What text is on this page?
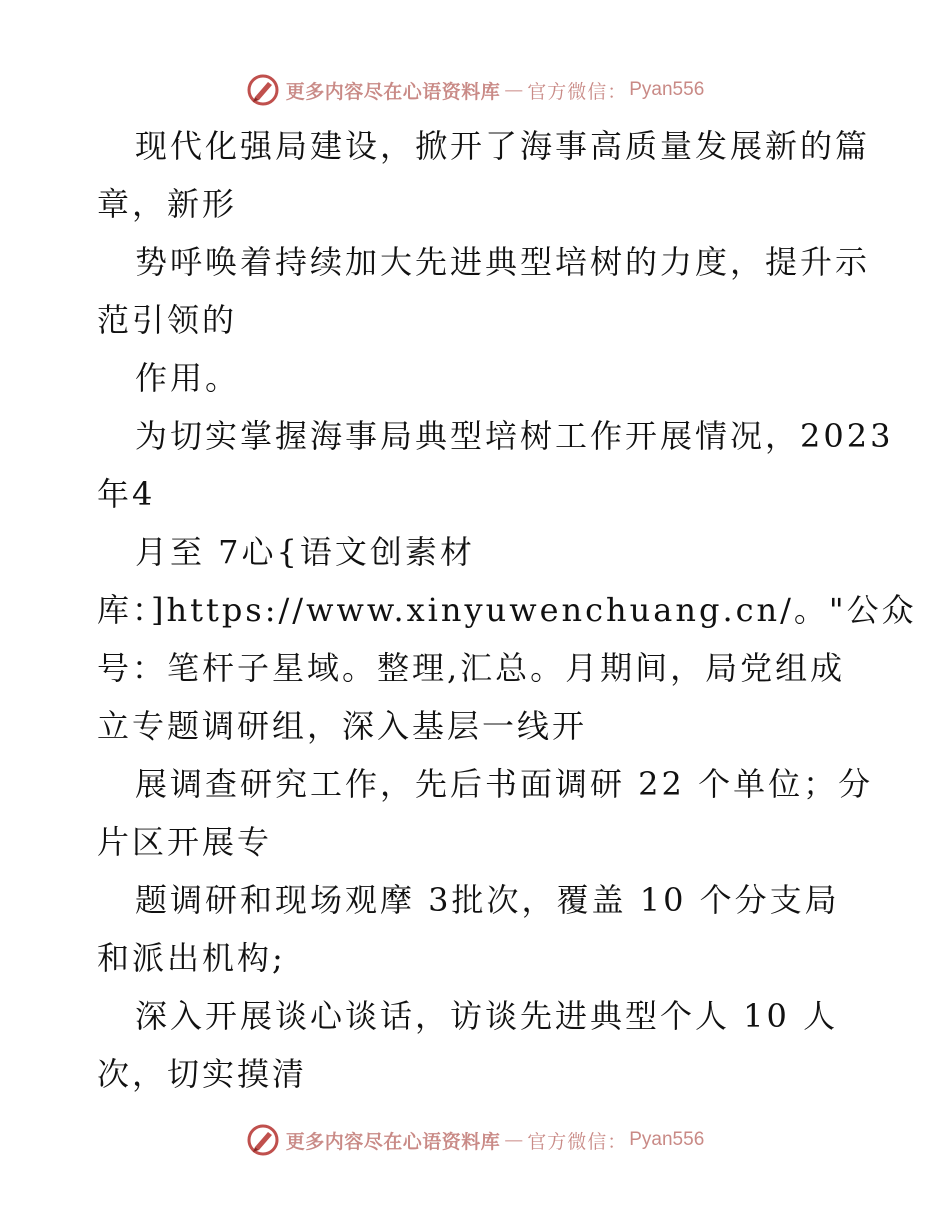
更多内容尽在心语资料库 — 官方微信： Pyan556
现代化强局建设，掀开了海事高质量发展新的篇
章，新形
势呼唤着持续加大先进典型培树的力度，提升示
范引领的
作用。
为切实掌握海事局典型培树工作开展情况，2023
年4
月至 7心{语文创素材
库：]https://www.xinyuwenchuang.cn/。"公众
号：笔杆子星域。整理,汇总。月期间，局党组成
立专题调研组，深入基层一线开
展调查研究工作，先后书面调研 22 个单位；分
片区开展专
题调研和现场观摩 3批次，覆盖 10 个分支局
和派出机构;
深入开展谈心谈话，访谈先进典型个人 10 人
次，切实摸清
更多内容尽在心语资料库 — 官方微信： Pyan556
